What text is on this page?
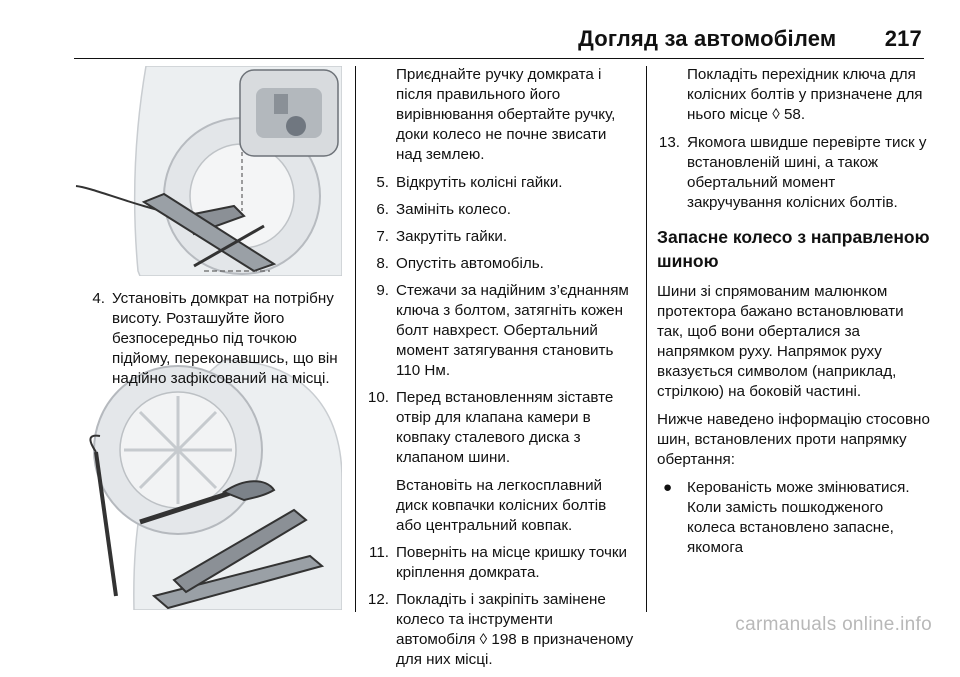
Догляд за автомобілем 217
4. Установіть домкрат на потрібну висоту. Розташуйте його безпосередньо під точкою підйому, переконавшись, що він надійно зафіксований на місці.
Приєднайте ручку домкрата і після правильного його вирівнювання обертайте ручку, доки колесо не почне звисати над землею.
5. Відкрутіть колісні гайки.
6. Замініть колесо.
7. Закрутіть гайки.
8. Опустіть автомобіль.
9. Стежачи за надійним з’єднанням ключа з болтом, затягніть кожен болт навхрест. Обертальний момент затягування становить 110 Нм.
10. Перед встановленням зіставте отвір для клапана камери в ковпаку сталевого диска з клапаном шини.
Встановіть на легкосплавний диск ковпачки колісних болтів або центральний ковпак.
11. Поверніть на місце кришку точки кріплення домкрата.
12. Покладіть і закріпіть замінене колесо та інструменти автомобіля ◊ 198 в призначеному для них місці.
Покладіть перехідник ключа для колісних болтів у призначене для нього місце ◊ 58.
13. Якомога швидше перевірте тиск у встановленій шині, а також обертальний момент закручування колісних болтів.
Запасне колесо з направленою шиною
Шини зі спрямованим малюнком протектора бажано встановлювати так, щоб вони оберталися за напрямком руху. Напрямок руху вказується символом (наприклад, стрілкою) на боковій частині.
Нижче наведено інформацію стосовно шин, встановлених проти напрямку обертання:
● Керованість може змінюватися. Коли замість пошкодженого колеса встановлено запасне, якомога
carmanuals online.info
